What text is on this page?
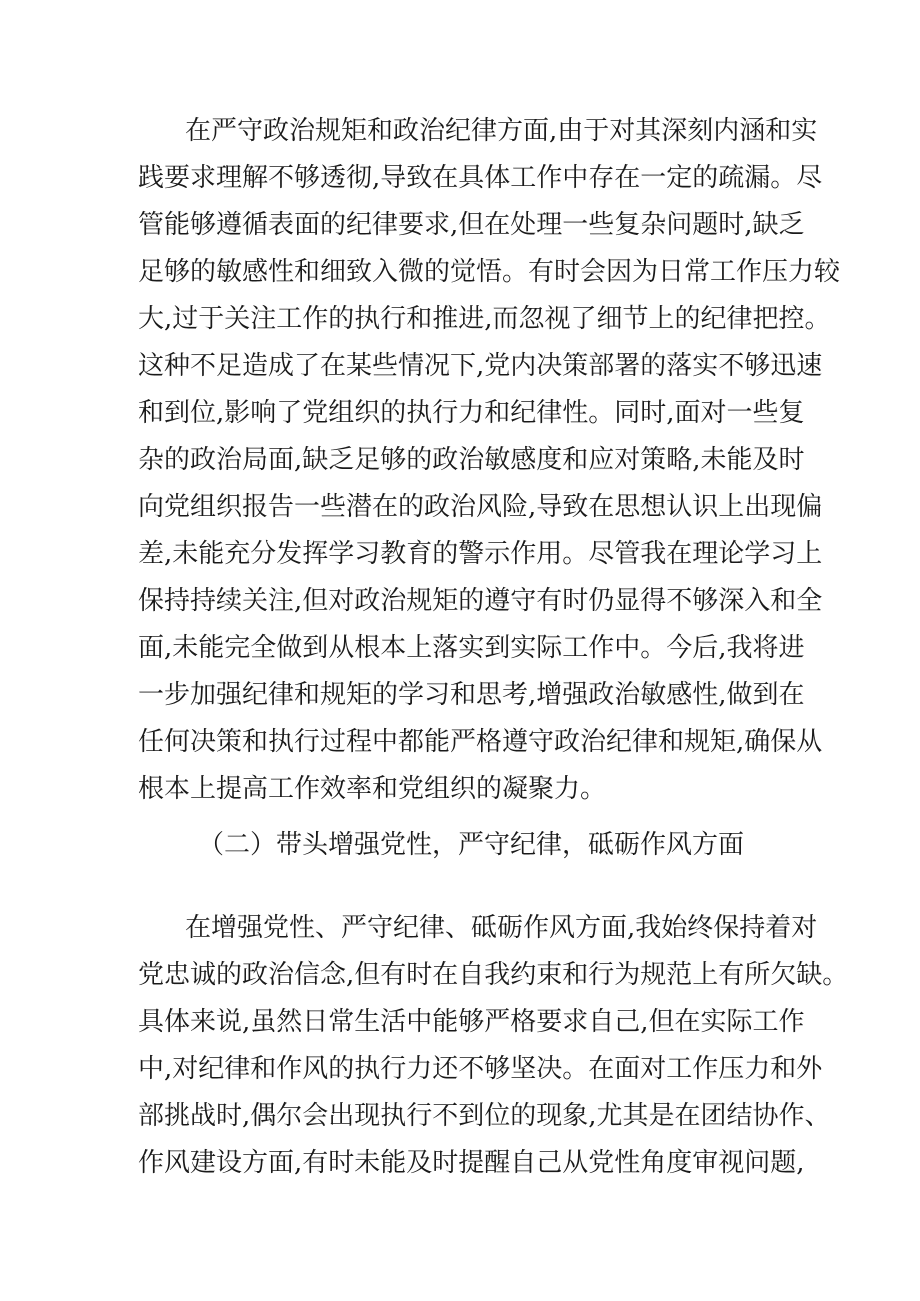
在严守政治规矩和政治纪律方面,由于对其深刻内涵和实
践要求理解不够透彻,导致在具体工作中存在一定的疏漏。尽
管能够遵循表面的纪律要求,但在处理一些复杂问题时,缺乏
足够的敏感性和细致入微的觉悟。有时会因为日常工作压力较
大,过于关注工作的执行和推进,而忽视了细节上的纪律把控。
这种不足造成了在某些情况下,党内决策部署的落实不够迅速
和到位,影响了党组织的执行力和纪律性。同时,面对一些复
杂的政治局面,缺乏足够的政治敏感度和应对策略,未能及时
向党组织报告一些潜在的政治风险,导致在思想认识上出现偏
差,未能充分发挥学习教育的警示作用。尽管我在理论学习上
保持持续关注,但对政治规矩的遵守有时仍显得不够深入和全
面,未能完全做到从根本上落实到实际工作中。今后,我将进
一步加强纪律和规矩的学习和思考,增强政治敏感性,做到在
任何决策和执行过程中都能严格遵守政治纪律和规矩,确保从
根本上提高工作效率和党组织的凝聚力。
（二）带头增强党性，严守纪律，砥砺作风方面
在增强党性、严守纪律、砥砺作风方面,我始终保持着对
党忠诚的政治信念,但有时在自我约束和行为规范上有所欠缺。
具体来说,虽然日常生活中能够严格要求自己,但在实际工作
中,对纪律和作风的执行力还不够坚决。在面对工作压力和外
部挑战时,偶尔会出现执行不到位的现象,尤其是在团结协作、
作风建设方面,有时未能及时提醒自己从党性角度审视问题,
